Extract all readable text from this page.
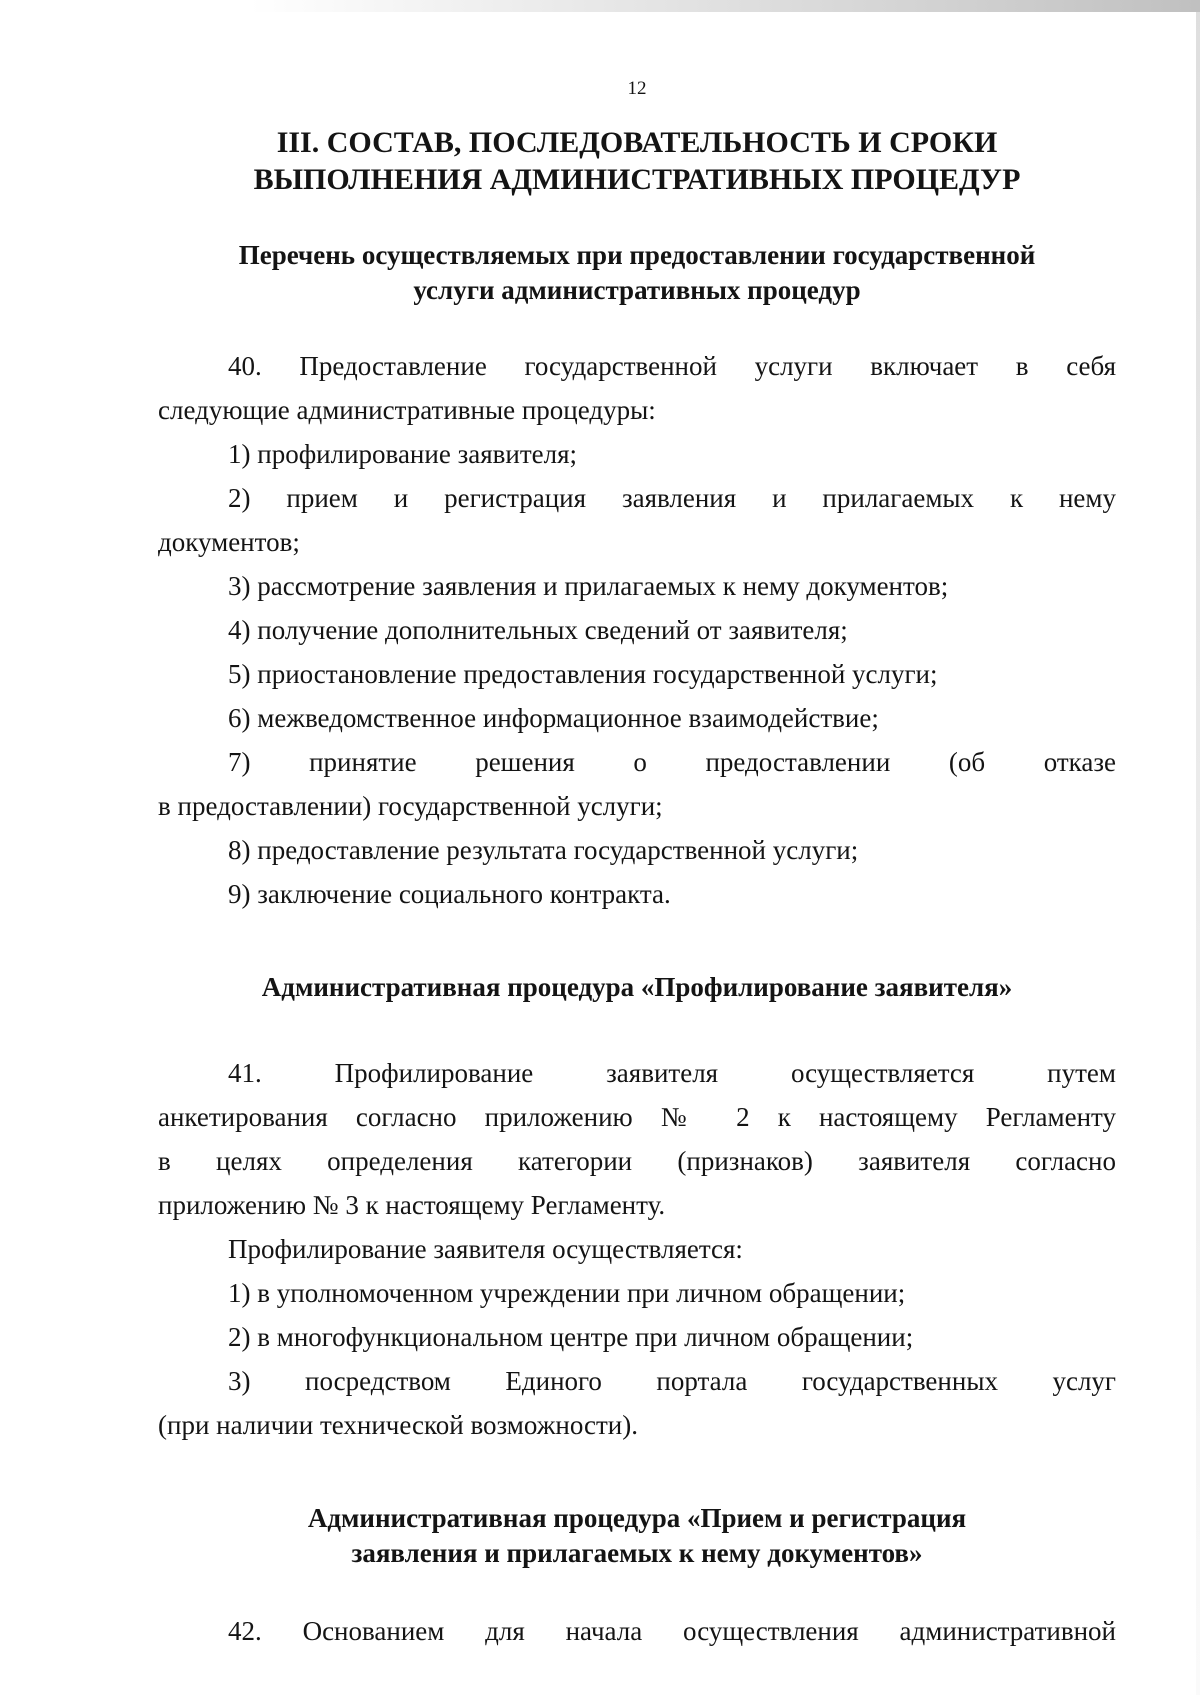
12
III. СОСТАВ, ПОСЛЕДОВАТЕЛЬНОСТЬ И СРОКИ
ВЫПОЛНЕНИЯ АДМИНИСТРАТИВНЫХ ПРОЦЕДУР
Перечень осуществляемых при предоставлении государственной
услуги административных процедур
40. Предоставление государственной услуги включает в себя
следующие административные процедуры:
1) профилирование заявителя;
2) прием и регистрация заявления и прилагаемых к нему
документов;
3) рассмотрение заявления и прилагаемых к нему документов;
4) получение дополнительных сведений от заявителя;
5) приостановление предоставления государственной услуги;
6) межведомственное информационное взаимодействие;
7) принятие решения о предоставлении (об отказе
в предоставлении) государственной услуги;
8) предоставление результата государственной услуги;
9) заключение социального контракта.
Административная процедура «Профилирование заявителя»
41. Профилирование заявителя осуществляется путем
анкетирования согласно приложению № 2 к настоящему Регламенту
в целях определения категории (признаков) заявителя согласно
приложению № 3 к настоящему Регламенту.
Профилирование заявителя осуществляется:
1) в уполномоченном учреждении при личном обращении;
2) в многофункциональном центре при личном обращении;
3) посредством Единого портала государственных услуг
(при наличии технической возможности).
Административная процедура «Прием и регистрация
заявления и прилагаемых к нему документов»
42. Основанием для начала осуществления административной
